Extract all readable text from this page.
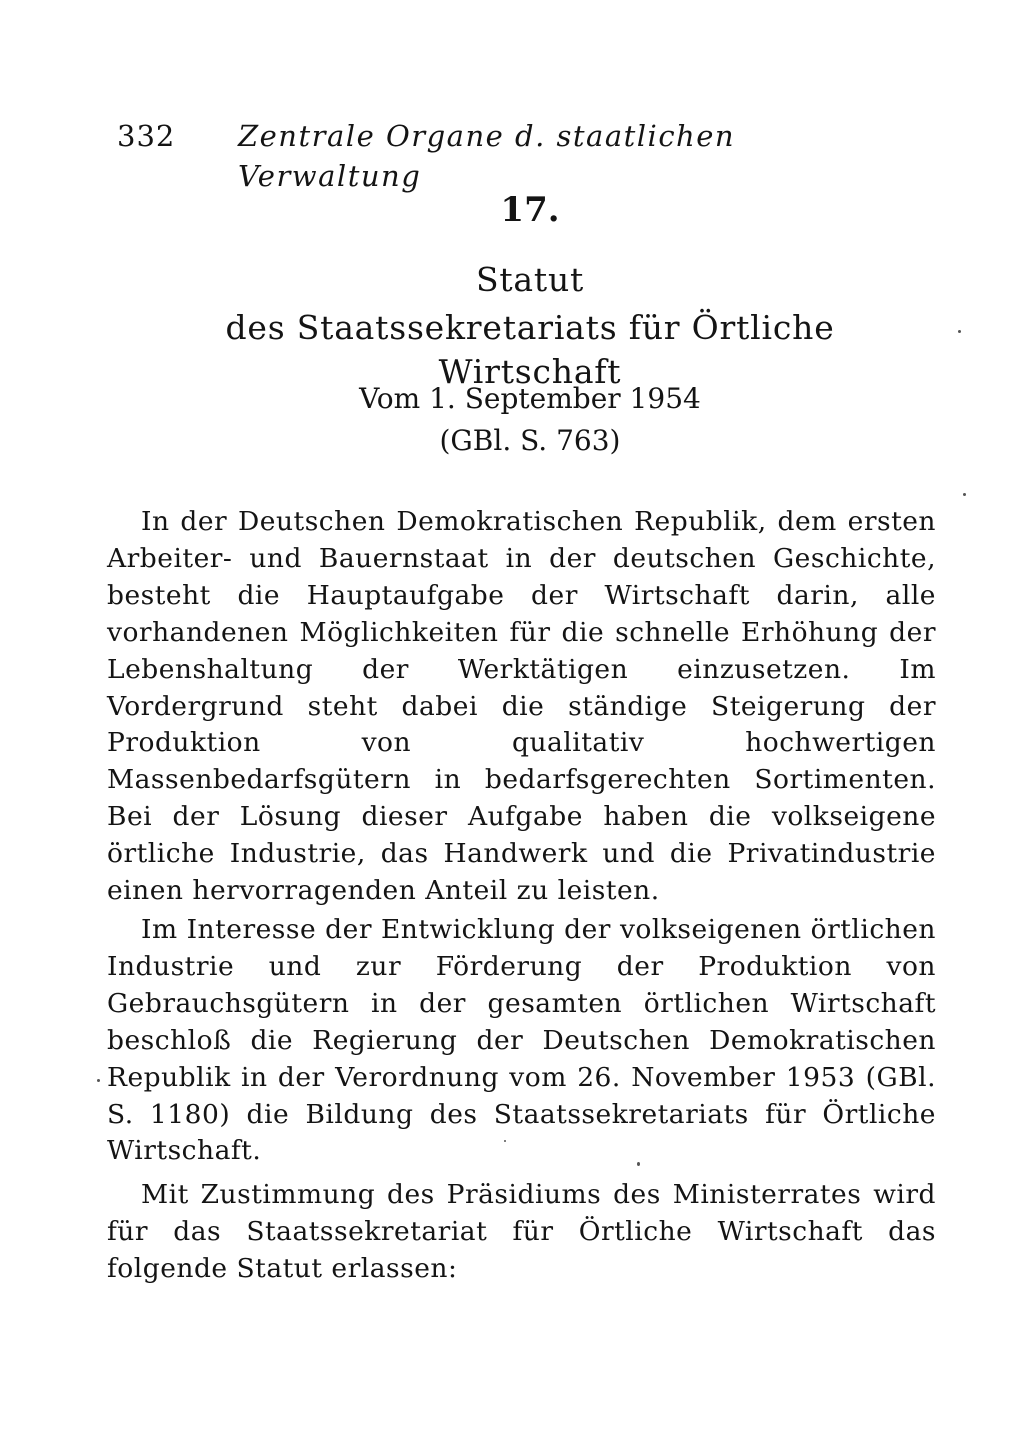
332 Zentrale Organe d. staatlichen Verwaltung
17.
Statut
des Staatssekretariats für Örtliche Wirtschaft
Vom 1. September 1954
(GBl. S. 763)

In der Deutschen Demokratischen Republik, dem ersten Arbeiter- und Bauernstaat in der deutschen Geschichte, besteht die Hauptaufgabe der Wirtschaft darin, alle vorhandenen Möglichkeiten für die schnelle Erhöhung der Lebenshaltung der Werktätigen einzusetzen. Im Vordergrund steht dabei die ständige Steigerung der Produktion von qualitativ hochwertigen Massenbedarfsgütern in bedarfsgerechten Sortimenten. Bei der Lösung dieser Aufgabe haben die volkseigene örtliche Industrie, das Handwerk und die Privatindustrie einen hervorragenden Anteil zu leisten.

Im Interesse der Entwicklung der volkseigenen örtlichen Industrie und zur Förderung der Produktion von Gebrauchsgütern in der gesamten örtlichen Wirtschaft beschloß die Regierung der Deutschen Demokratischen Republik in der Verordnung vom 26. November 1953 (GBl. S. 1180) die Bildung des Staatssekretariats für Örtliche Wirtschaft.

Mit Zustimmung des Präsidiums des Ministerrates wird für das Staatssekretariat für Örtliche Wirtschaft das folgende Statut erlassen:
